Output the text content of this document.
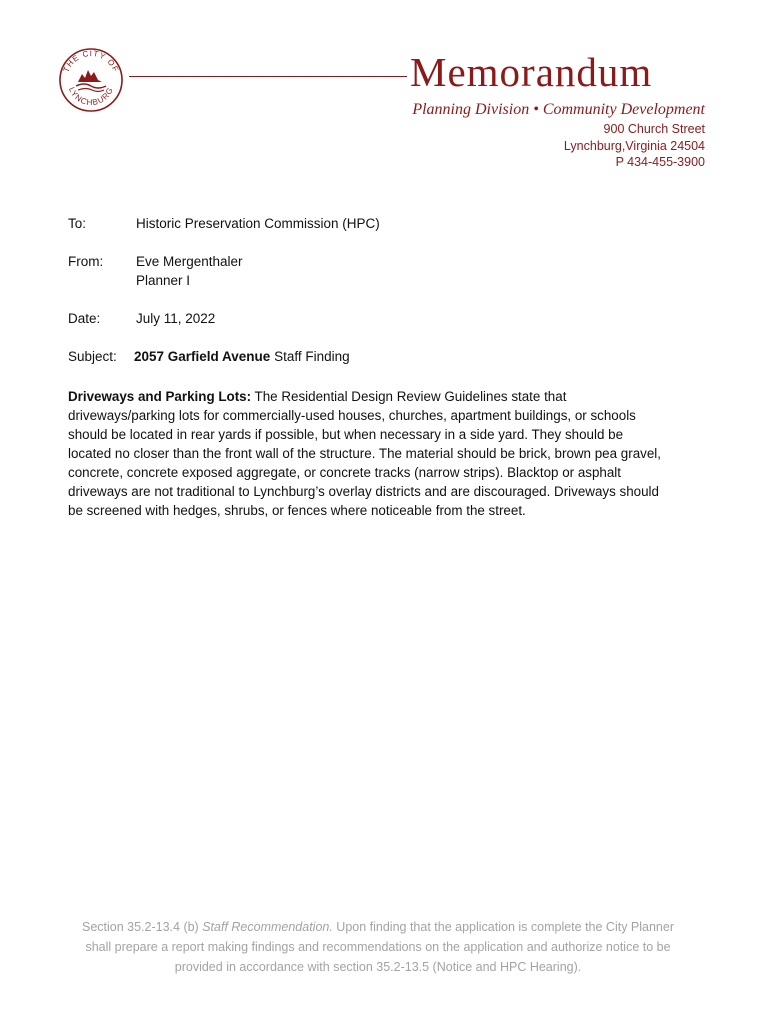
THE CITY OF
LYNCHBURG	Memorandum
Planning Division • Community Development
900 Church Street
Lynchburg,Virginia 24504
P 434-455-3900
To:	Historic Preservation Commission (HPC)
From: Eve Mergenthaler
Planner I
Date:	July 11, 2022
Subject: 2057 Garfield Avenue Staff Finding
Driveways and Parking Lots: The Residential Design Review Guidelines state that driveways/parking lots for commercially-used houses, churches, apartment buildings, or schools should be located in rear yards if possible, but when necessary in a side yard. They should be located no closer than the front wall of the structure. The material should be brick, brown pea gravel, concrete, concrete exposed aggregate, or concrete tracks (narrow strips). Blacktop or asphalt driveways are not traditional to Lynchburg’s overlay districts and are discouraged. Driveways should be screened with hedges, shrubs, or fences where noticeable from the street.
Section 35.2-13.4 (b) Staff Recommendation. Upon finding that the application is complete the City Planner shall prepare a report making findings and recommendations on the application and authorize notice to be provided in accordance with section 35.2-13.5 (Notice and HPC Hearing).
